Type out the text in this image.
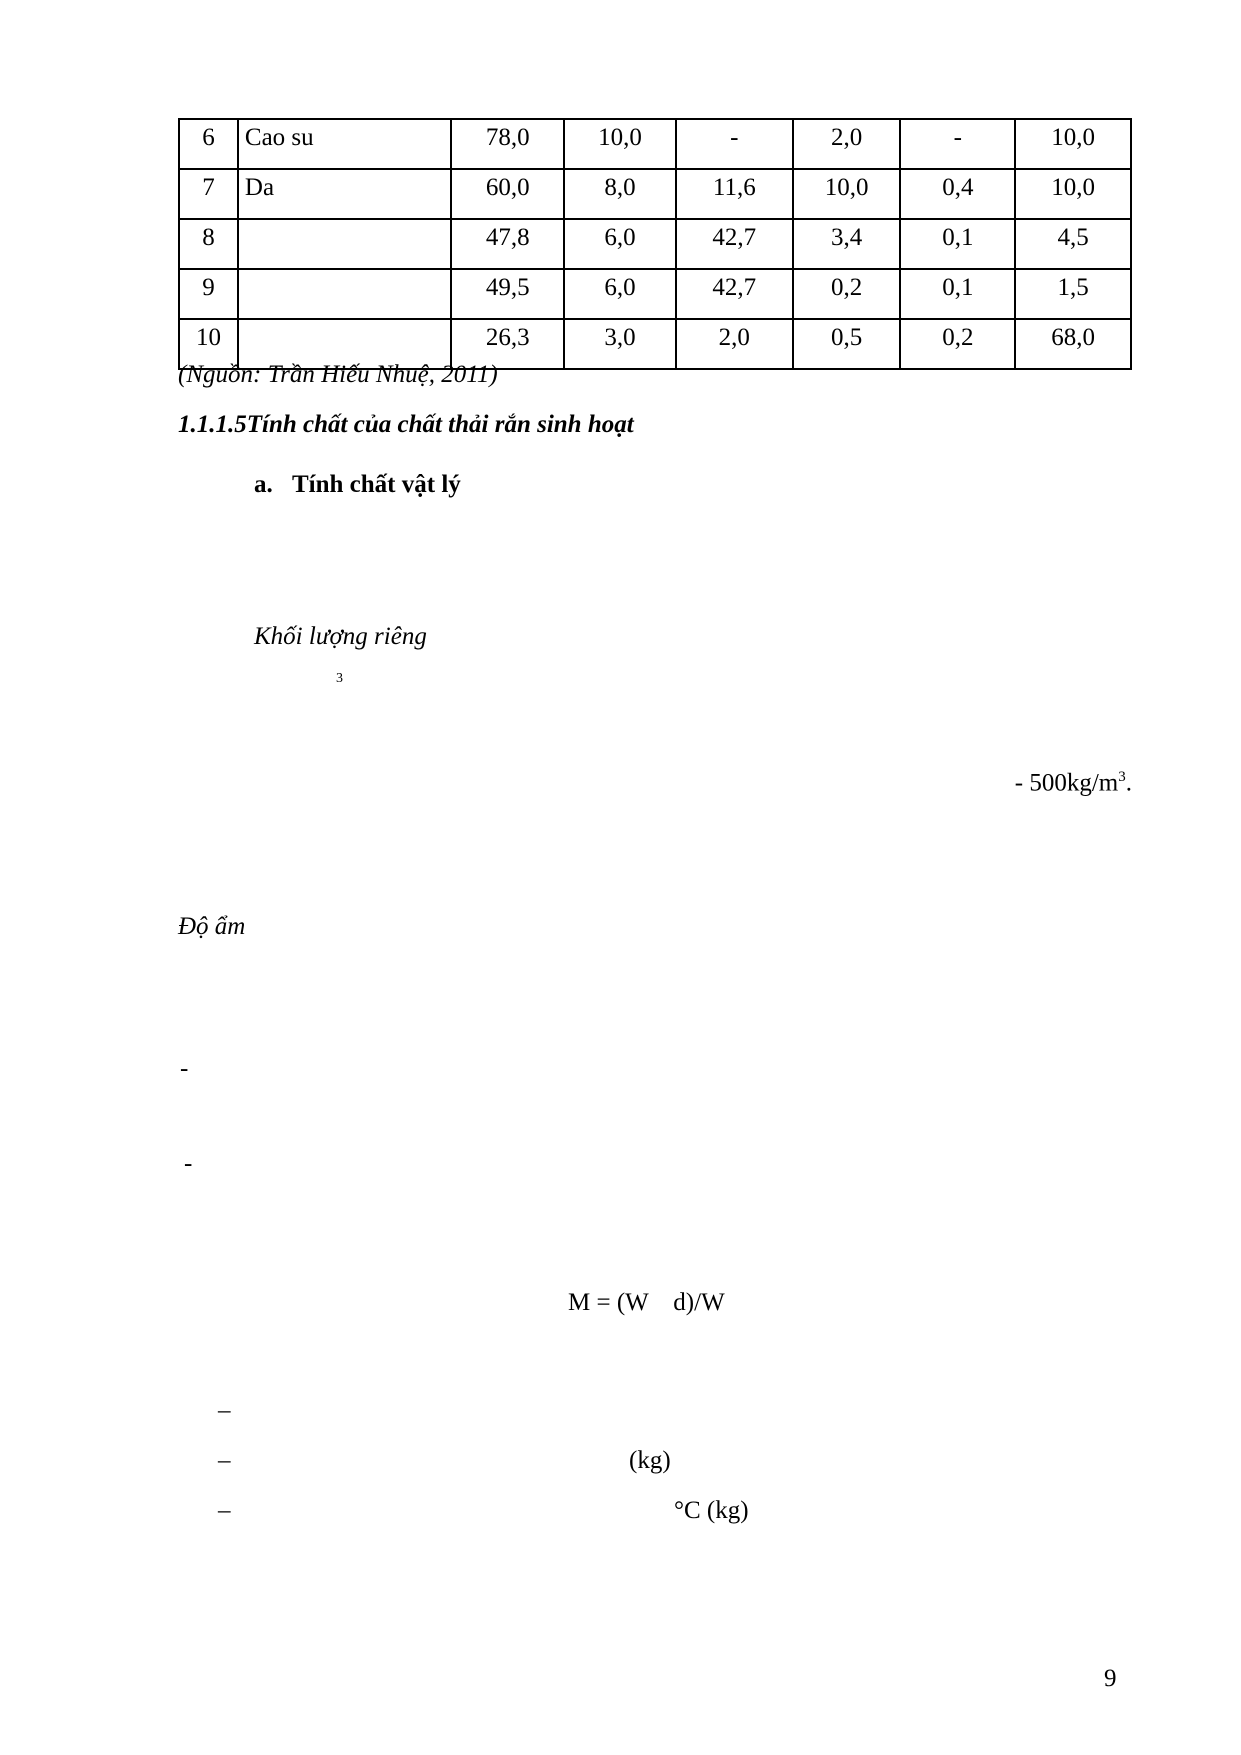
6	Cao su	78,0	10,0	-	2,0	-	10,0
7	Da	60,0	8,0	11,6	10,0	0,4	10,0
8		47,8	6,0	42,7	3,4	0,1	4,5
9		49,5	6,0	42,7	0,2	0,1	1,5
10		26,3	3,0	2,0	0,5	0,2	68,0
(Nguồn: Trần Hiếu Nhuệ, 2011)
1.1.1.5Tính chất của chất thải rắn sinh hoạt
a. Tính chất vật lý
Khối lượng riêng
3
- $500kg/m^3$.
Độ ẩm
-
-
M = (W    d)/W
–
–	(kg)
–	°C (kg)
9
